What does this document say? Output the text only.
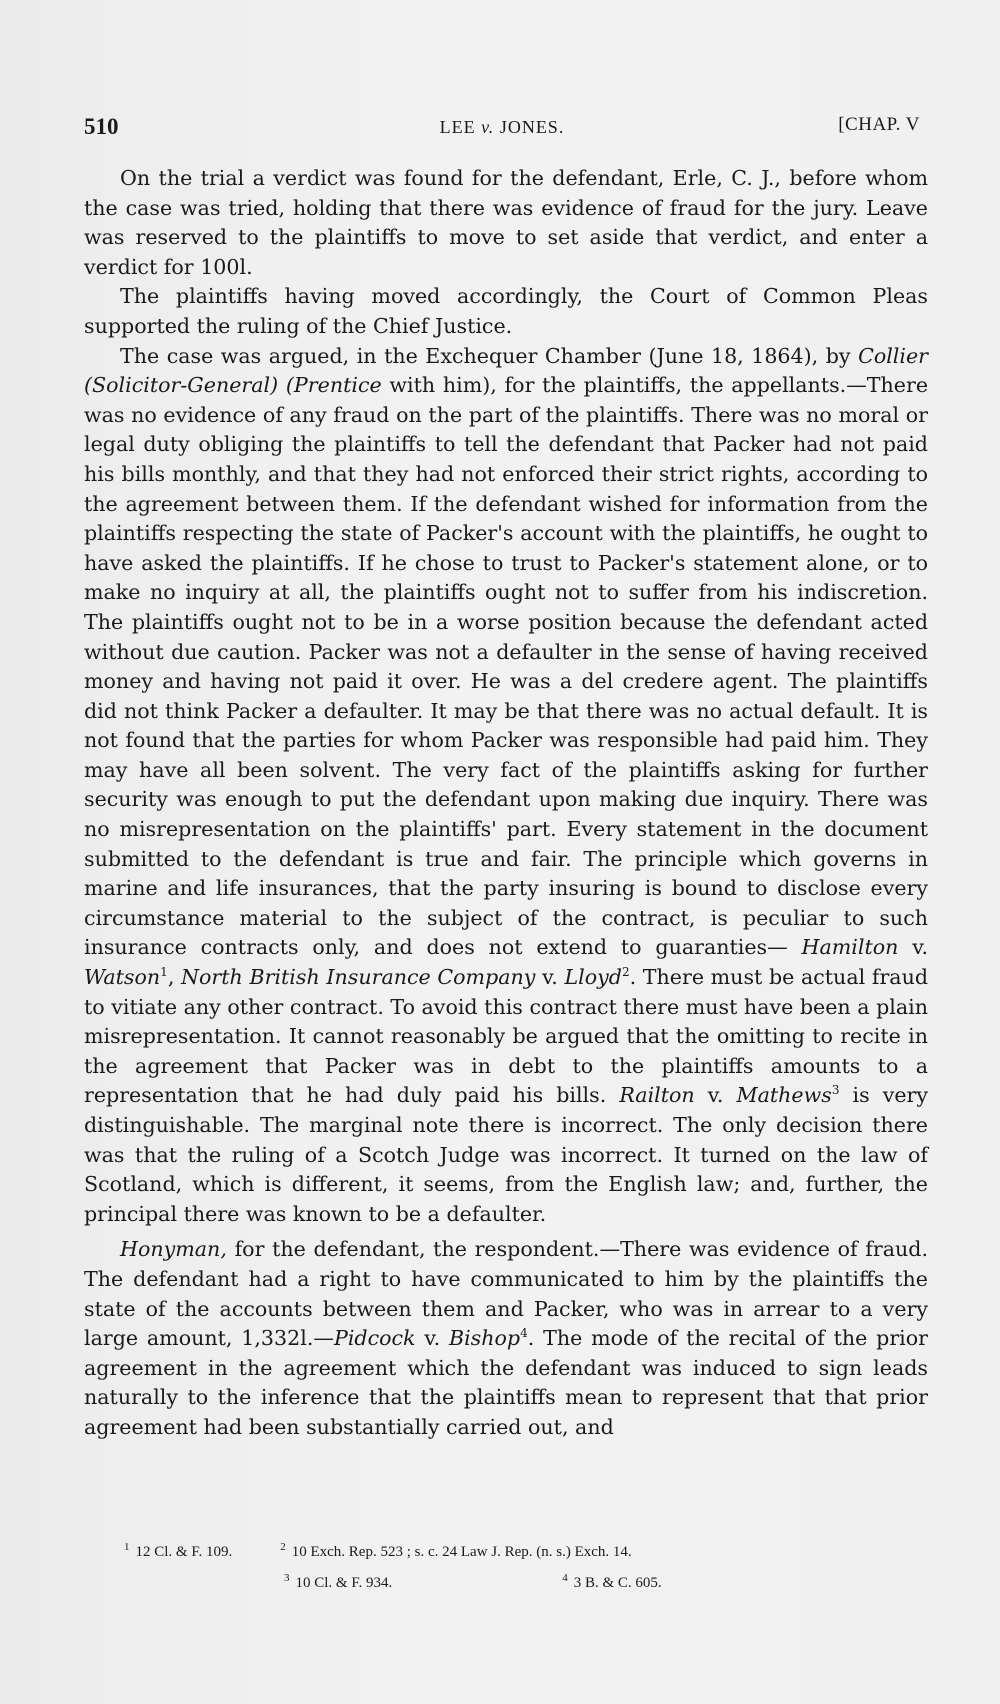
510	LEE v. JONES.	[CHAP. V

On the trial a verdict was found for the defendant, Erle, C. J., before whom the case was tried, holding that there was evidence of fraud for the jury. Leave was reserved to the plaintiffs to move to set aside that verdict, and enter a verdict for 100l.

The plaintiffs having moved accordingly, the Court of Common Pleas supported the ruling of the Chief Justice.

The case was argued, in the Exchequer Chamber (June 18, 1864), by Collier (Solicitor-General) (Prentice with him), for the plaintiffs, the appellants.—There was no evidence of any fraud on the part of the plaintiffs. There was no moral or legal duty obliging the plaintiffs to tell the defendant that Packer had not paid his bills monthly, and that they had not enforced their strict rights, according to the agreement between them. If the defendant wished for information from the plaintiffs respecting the state of Packer's account with the plaintiffs, he ought to have asked the plaintiffs. If he chose to trust to Packer's statement alone, or to make no inquiry at all, the plaintiffs ought not to suffer from his indiscretion. The plaintiffs ought not to be in a worse position because the defendant acted without due caution. Packer was not a defaulter in the sense of having received money and having not paid it over. He was a del credere agent. The plaintiffs did not think Packer a defaulter. It may be that there was no actual default. It is not found that the parties for whom Packer was responsible had paid him. They may have all been solvent. The very fact of the plaintiffs asking for further security was enough to put the defendant upon making due inquiry. There was no misrepresentation on the plaintiffs' part. Every statement in the document submitted to the defendant is true and fair. The principle which governs in marine and life insurances, that the party insuring is bound to disclose every circumstance material to the subject of the contract, is peculiar to such insurance contracts only, and does not extend to guaranties— Hamilton v. Watson$^1$, North British Insurance Company v. Lloyd$^2$. There must be actual fraud to vitiate any other contract. To avoid this contract there must have been a plain misrepresentation. It cannot reasonably be argued that the omitting to recite in the agreement that Packer was in debt to the plaintiffs amounts to a representation that he had duly paid his bills. Railton v. Mathews$^3$ is very distinguishable. The marginal note there is incorrect. The only decision there was that the ruling of a Scotch Judge was incorrect. It turned on the law of Scotland, which is different, it seems, from the English law; and, further, the principal there was known to be a defaulter.

Honyman, for the defendant, the respondent.—There was evidence of fraud. The defendant had a right to have communicated to him by the plaintiffs the state of the accounts between them and Packer, who was in arrear to a very large amount, 1,332l.—Pidcock v. Bishop$^4$. The mode of the recital of the prior agreement in the agreement which the defendant was induced to sign leads naturally to the inference that the plaintiffs mean to represent that that prior agreement had been substantially carried out, and

$^1$ 12 Cl. & F. 109.	$^2$ 10 Exch. Rep. 523 ; s. c. 24 Law J. Rep. (n. s.) Exch. 14.
$^3$ 10 Cl. & F. 934.	$^4$ 3 B. & C. 605.
